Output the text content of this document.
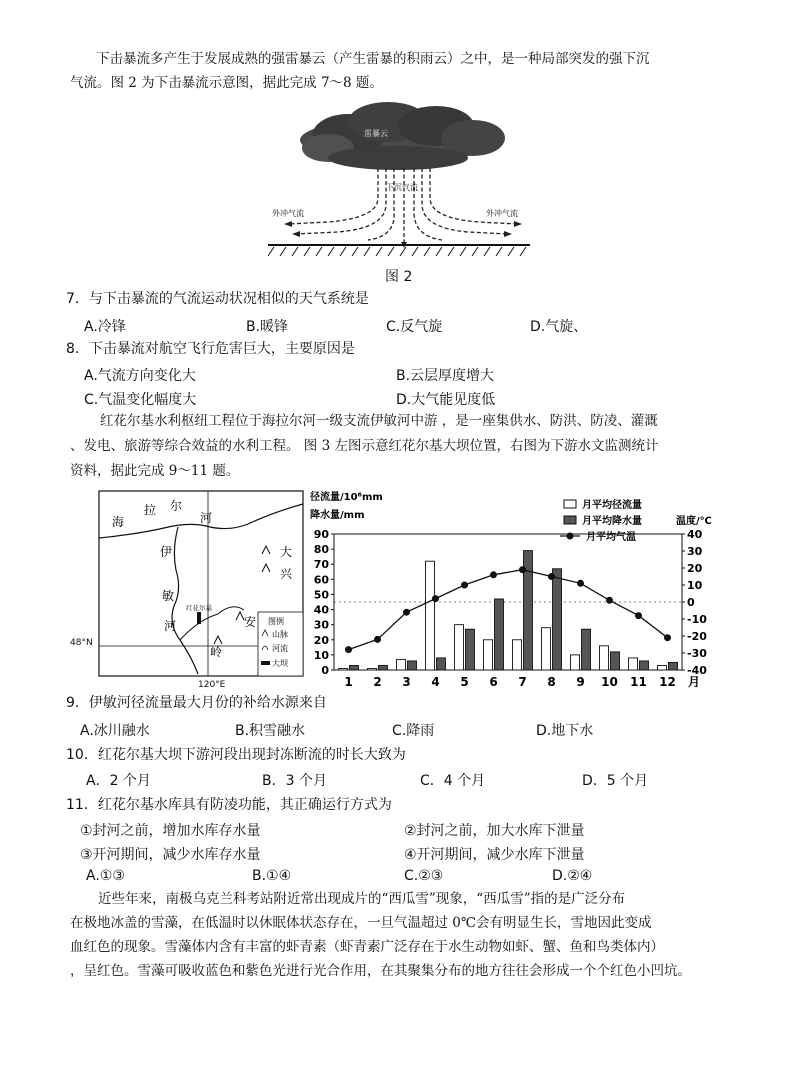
下击暴流多产生于发展成熟的强雷暴云（产生雷暴的积雨云）之中，是一种局部突发的强下沉
气流。图 2 为下击暴流示意图，据此完成 7～8 题。
雷暴云
下沉气流
外冲气流	外冲气流
图 2
7．与下击暴流的气流运动状况相似的天气系统是
A.冷锋	B.暖锋	C.反气旋	D.气旋、
8．下击暴流对航空飞行危害巨大，主要原因是
A.气流方向变化大	B.云层厚度增大
C.气温变化幅度大	D.大气能见度低
红花尔基水利枢纽工程位于海拉尔河一级支流伊敏河中游 ，是一座集供水、防洪、防凌、灌溉
、发电、旅游等综合效益的水利工程。 图 3 左图示意红花尔基大坝位置，右图为下游水文监测统计
资料，据此完成 9～11 题。
红花尔基
海
拉 尔
河
伊
敏
河
大
兴
安
岭
图例
山脉
河流
大坝
48°N
120°E
径流量/10⁶mm
降水量/mm
温度/℃
0
10
20
30
40
50
60
70
80
90
-40
-30
-20
-10
0
10
20
30
40
1 2 3 4 5 6 7 8 9 10 11 12 月
月平均径流量
月平均降水量
月平均气温
9．伊敏河径流量最大月份的补给水源来自
A.冰川融水	B.积雪融水	C.降雨	D.地下水
10．红花尔基大坝下游河段出现封冻断流的时长大致为
A．2 个月	B．3 个月	C．4 个月	D．5 个月
11．红花尔基水库具有防凌功能，其正确运行方式为
①封河之前，增加水库存水量	②封河之前，加大水库下泄量
③开河期间，减少水库存水量	④开河期间，减少水库下泄量
A.①③	B.①④	C.②③	D.②④
近些年来，南极乌克兰科考站附近常出现成片的“西瓜雪”现象，“西瓜雪”指的是广泛分布
在极地冰盖的雪藻，在低温时以休眠体状态存在，一旦气温超过 0℃会有明显生长，雪地因此变成
血红色的现象。雪藻体内含有丰富的虾青素（虾青素广泛存在于水生动物如虾、蟹、鱼和鸟类体内）
，呈红色。雪藻可吸收蓝色和紫色光进行光合作用，在其聚集分布的地方往往会形成一个个红色小凹坑。
